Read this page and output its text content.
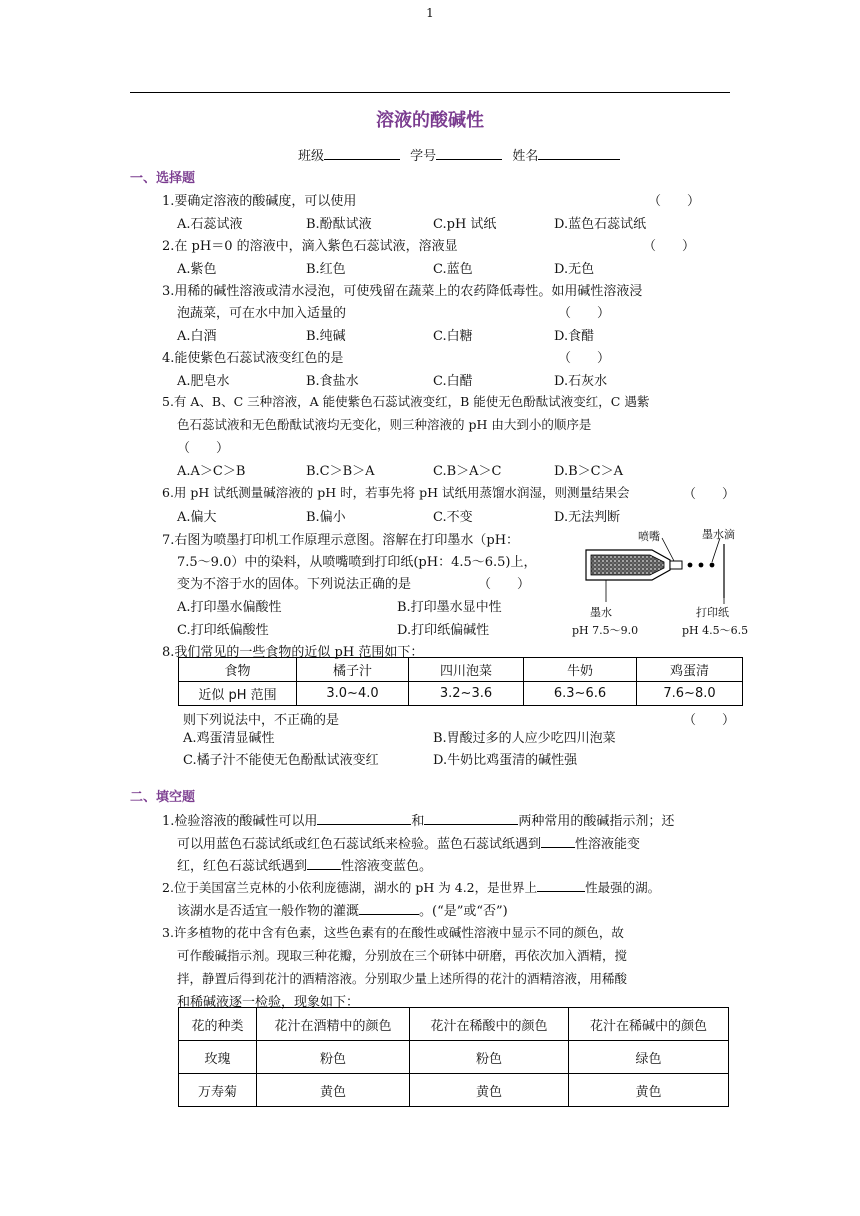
1
溶液的酸碱性
班级	学号	姓名
一、选择题
1.要确定溶液的酸碱度，可以使用	（　　）
A.石蕊试液	B.酚酞试液	C.pH 试纸	D.蓝色石蕊试纸
2.在 pH＝0 的溶液中，滴入紫色石蕊试液，溶液显	（　　）
A.紫色	B.红色	C.蓝色	D.无色
3.用稀的碱性溶液或清水浸泡，可使残留在蔬菜上的农药降低毒性。如用碱性溶液浸
泡蔬菜，可在水中加入适量的	（　　）
A.白酒	B.纯碱	C.白糖	D.食醋
4.能使紫色石蕊试液变红色的是	（　　）
A.肥皂水	B.食盐水	C.白醋	D.石灰水
5.有 A、B、C 三种溶液，A 能使紫色石蕊试液变红，B 能使无色酚酞试液变红，C 遇紫
色石蕊试液和无色酚酞试液均无变化，则三种溶液的 pH 由大到小的顺序是
（　　）
A.A＞C＞B	B.C＞B＞A	C.B＞A＞C	D.B＞C＞A
6.用 pH 试纸测量碱溶液的 pH 时，若事先将 pH 试纸用蒸馏水润湿，则测量结果会	（　　）
A.偏大	B.偏小	C.不变	D.无法判断
7.右图为喷墨打印机工作原理示意图。溶解在打印墨水（pH：
7.5～9.0）中的染料，从喷嘴喷到打印纸(pH：4.5～6.5)上，
变为不溶于水的固体。下列说法正确的是	（　　）
A.打印墨水偏酸性	B.打印墨水显中性
C.打印纸偏酸性	D.打印纸偏碱性
喷嘴	墨水滴
墨水
pH 7.5～9.0
打印纸
pH 4.5～6.5
8.我们常见的一些食物的近似 pH 范围如下：
食物	橘子汁	四川泡菜	牛奶	鸡蛋清
近似 pH 范围	3.0~4.0	3.2~3.6	6.3~6.6	7.6~8.0
则下列说法中，不正确的是	（　　）
A.鸡蛋清显碱性	B.胃酸过多的人应少吃四川泡菜
C.橘子汁不能使无色酚酞试液变红	D.牛奶比鸡蛋清的碱性强
二、填空题
1.检验溶液的酸碱性可以用	和	两种常用的酸碱指示剂；还
可以用蓝色石蕊试纸或红色石蕊试纸来检验。蓝色石蕊试纸遇到	性溶液能变
红，红色石蕊试纸遇到	性溶液变蓝色。
2.位于美国富兰克林的小依利庞德湖，湖水的 pH 为 4.2，是世界上	性最强的湖。
该湖水是否适宜一般作物的灌溉	。(“是”或“否”)
3.许多植物的花中含有色素，这些色素有的在酸性或碱性溶液中显示不同的颜色，故
可作酸碱指示剂。现取三种花瓣，分别放在三个研钵中研磨，再依次加入酒精，搅
拌，静置后得到花汁的酒精溶液。分别取少量上述所得的花汁的酒精溶液，用稀酸
和稀碱液逐一检验，现象如下：
花的种类	花汁在酒精中的颜色	花汁在稀酸中的颜色	花汁在稀碱中的颜色
玫瑰	粉色	粉色	绿色
万寿菊	黄色	黄色	黄色
